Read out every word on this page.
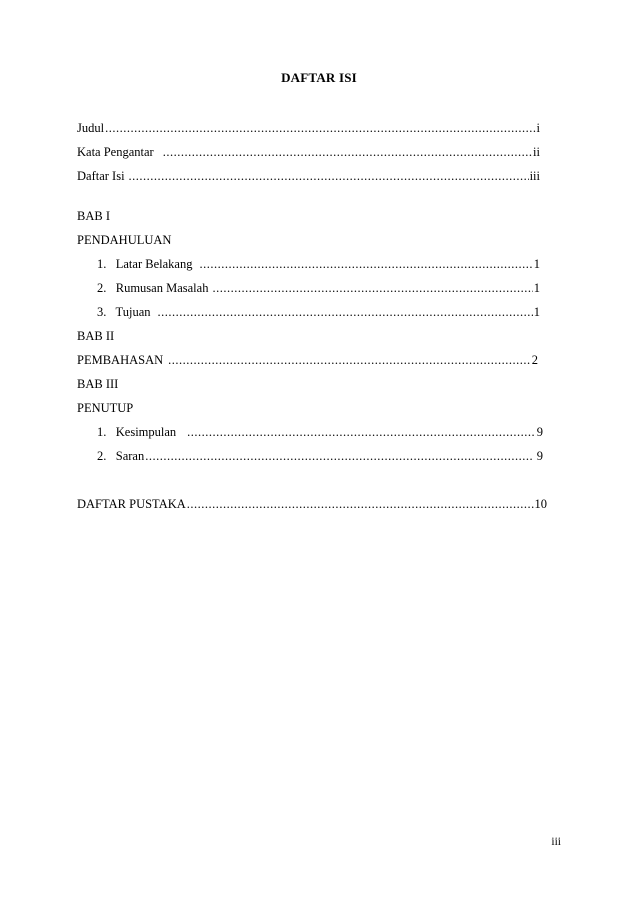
DAFTAR ISI
Judul .....	i
Kata Pengantar .....	ii
Daftar Isi .....	iii
BAB I
PENDAHULUAN
1.   Latar Belakang .....	1
2.   Rumusan Masalah .....	1
3.   Tujuan .....	1
BAB II
PEMBAHASAN .....	2
BAB III
PENUTUP
1.   Kesimpulan .....	9
2.   Saran .....	9
DAFTAR PUSTAKA .....	10
iii
